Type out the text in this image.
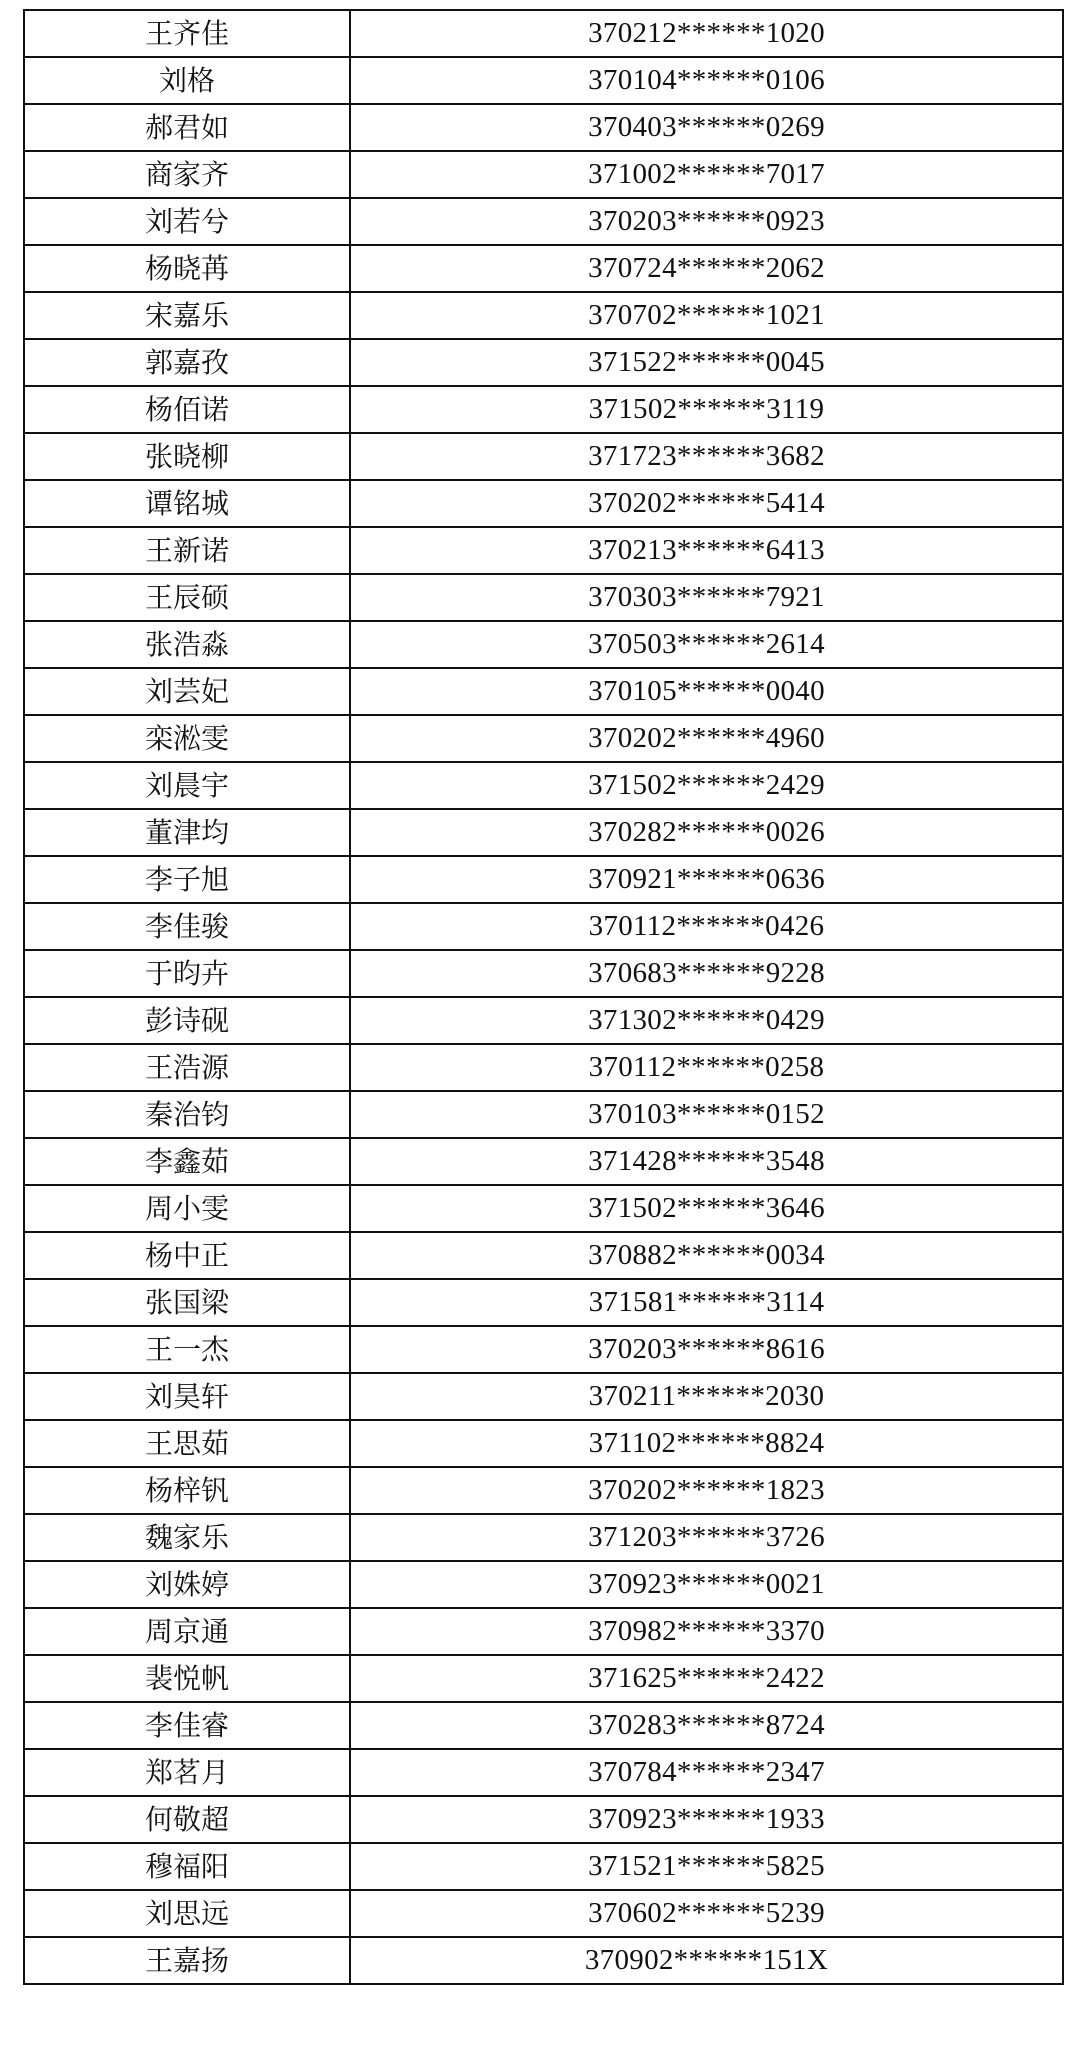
王齐佳	370212******1020
刘格	370104******0106
郝君如	370403******0269
商家齐	371002******7017
刘若兮	370203******0923
杨晓苒	370724******2062
宋嘉乐	370702******1021
郭嘉孜	371522******0045
杨佰诺	371502******3119
张晓柳	371723******3682
谭铭城	370202******5414
王新诺	370213******6413
王辰硕	370303******7921
张浩淼	370503******2614
刘芸妃	370105******0040
栾淞雯	370202******4960
刘晨宇	371502******2429
董津均	370282******0026
李子旭	370921******0636
李佳骏	370112******0426
于昀卉	370683******9228
彭诗砚	371302******0429
王浩源	370112******0258
秦治钧	370103******0152
李鑫茹	371428******3548
周小雯	371502******3646
杨中正	370882******0034
张国梁	371581******3114
王一杰	370203******8616
刘昊轩	370211******2030
王思茹	371102******8824
杨梓钒	370202******1823
魏家乐	371203******3726
刘姝婷	370923******0021
周京通	370982******3370
裴悦帆	371625******2422
李佳睿	370283******8724
郑茗月	370784******2347
何敬超	370923******1933
穆福阳	371521******5825
刘思远	370602******5239
王嘉扬	370902******151X
